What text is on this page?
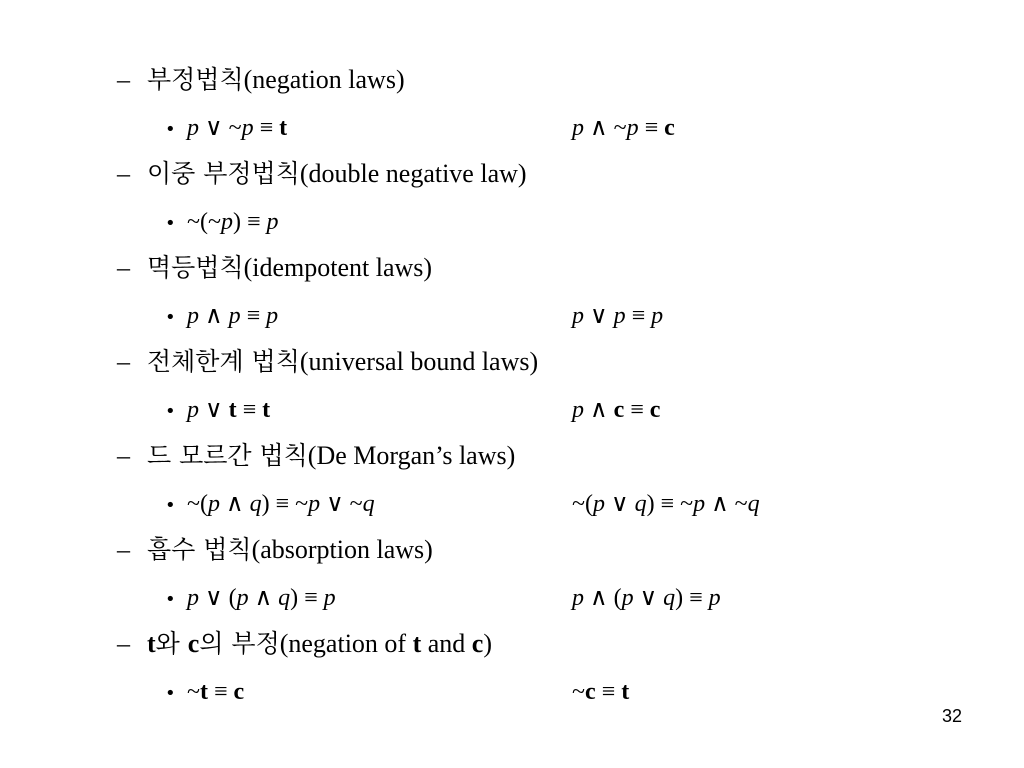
– 부정법칙(negation laws)
• p ∨ ~p ≡ t	p ∧ ~p ≡ c
– 이중 부정법칙(double negative law)
• ~(~p) ≡ p
– 멱등법칙(idempotent laws)
• p ∧ p ≡ p	p ∨ p ≡ p
– 전체한계 법칙(universal bound laws)
• p ∨ t ≡ t	p ∧ c ≡ c
– 드 모르간 법칙(De Morgan’s laws)
• ~(p ∧ q) ≡ ~p ∨ ~q	~(p ∨ q) ≡ ~p ∧ ~q
– 흡수 법칙(absorption laws)
• p ∨ (p ∧ q) ≡ p	p ∧ (p ∨ q) ≡ p
– t와 c의 부정(negation of t and c)
• ~t ≡ c	~c ≡ t
32
